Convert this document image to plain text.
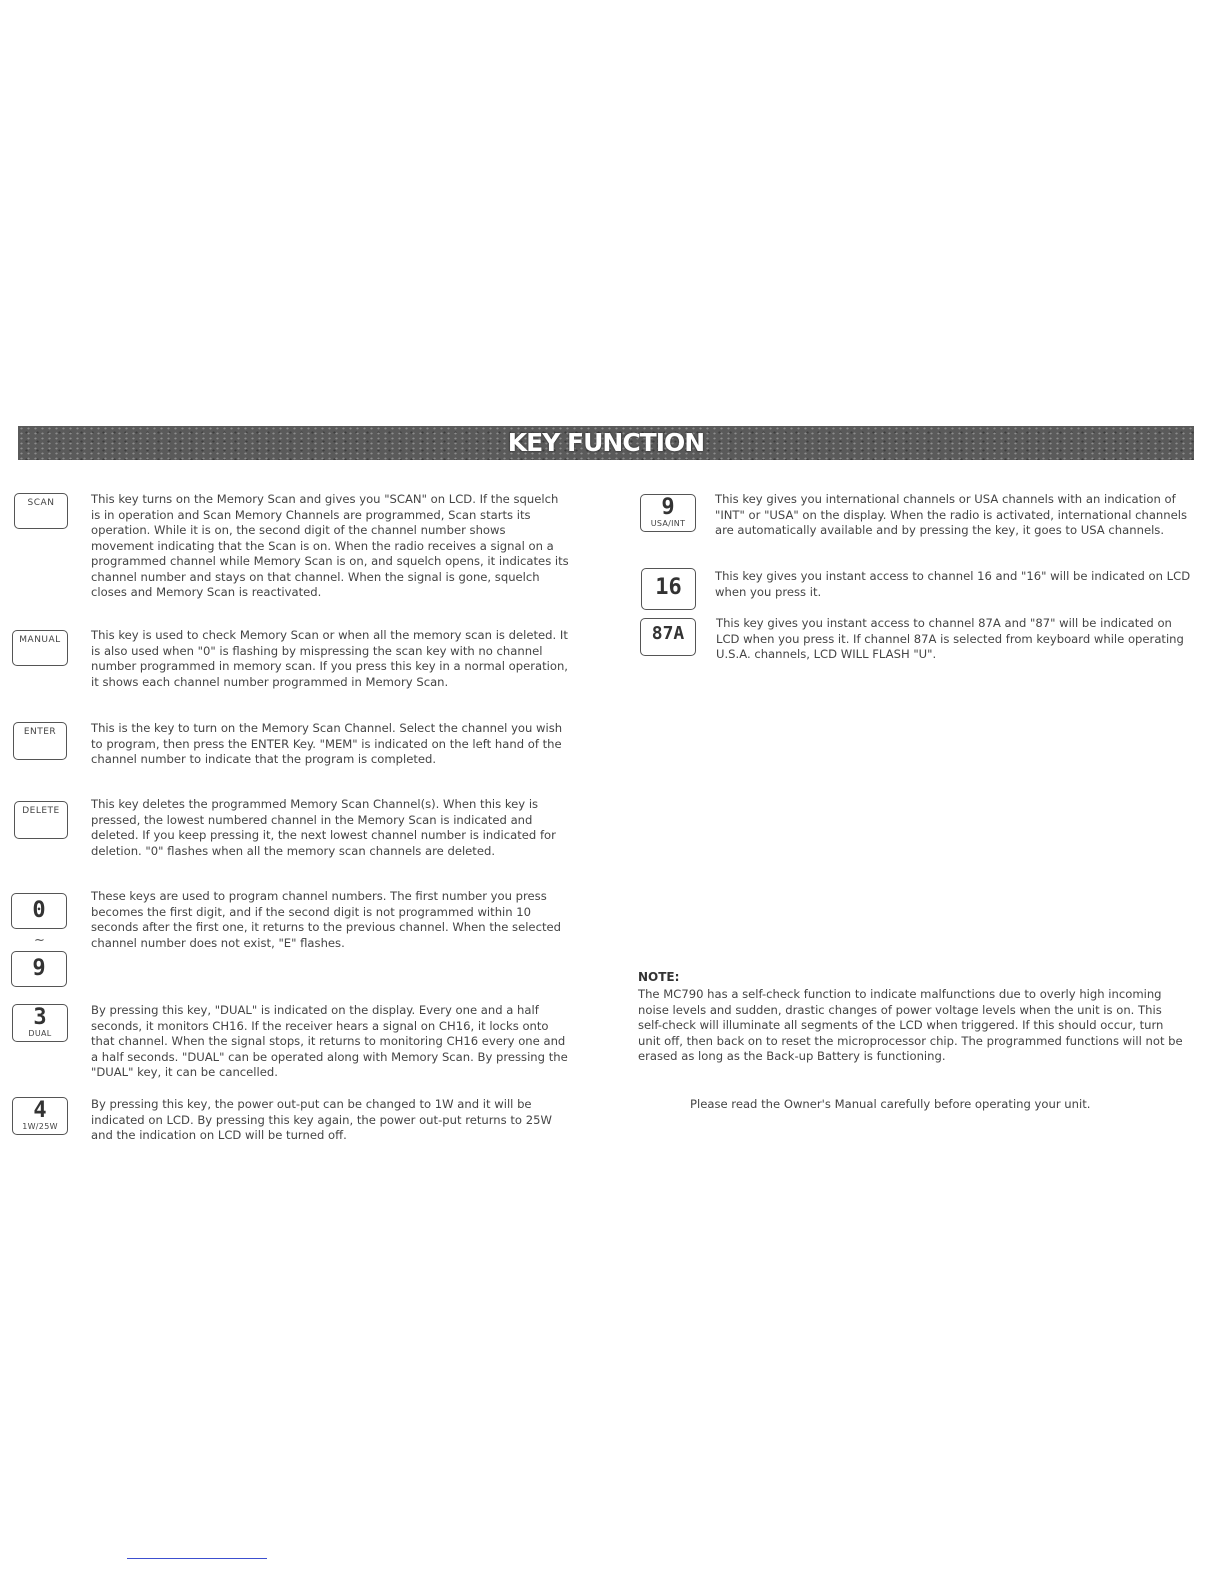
KEY FUNCTION
SCAN	This key turns on the Memory Scan and gives you "SCAN" on LCD. If the squelch is in operation and Scan Memory Channels are programmed, Scan starts its operation. While it is on, the second digit of the channel number shows movement indicating that the Scan is on. When the radio receives a signal on a programmed channel while Memory Scan is on, and squelch opens, it indicates its channel number and stays on that channel. When the signal is gone, squelch closes and Memory Scan is reactivated.

MANUAL	This key is used to check Memory Scan or when all the memory scan is deleted. It is also used when "0" is flashing by mispressing the scan key with no channel number programmed in memory scan. If you press this key in a normal operation, it shows each channel number programmed in Memory Scan.

ENTER	This is the key to turn on the Memory Scan Channel. Select the channel you wish to program, then press the ENTER Key. "MEM" is indicated on the left hand of the channel number to indicate that the program is completed.

DELETE	This key deletes the programmed Memory Scan Channel(s). When this key is pressed, the lowest numbered channel in the Memory Scan is indicated and deleted. If you keep pressing it, the next lowest channel number is indicated for deletion. "0" flashes when all the memory scan channels are deleted.

0
~
9

These keys are used to program channel numbers. The first number you press becomes the first digit, and if the second digit is not programmed within 10 seconds after the first one, it returns to the previous channel. When the selected channel number does not exist, "E" flashes.

3
DUAL

By pressing this key, "DUAL" is indicated on the display. Every one and a half seconds, it monitors CH16. If the receiver hears a signal on CH16, it locks onto that channel. When the signal stops, it returns to monitoring CH16 every one and a half seconds. "DUAL" can be operated along with Memory Scan. By pressing the "DUAL" key, it can be cancelled.

4
1W/25W

By pressing this key, the power out-put can be changed to 1W and it will be indicated on LCD. By pressing this key again, the power out-put returns to 25W and the indication on LCD will be turned off.

9
USA/INT

This key gives you international channels or USA channels with an indication of "INT" or "USA" on the display. When the radio is activated, international channels are automatically available and by pressing the key, it goes to USA channels.

16	This key gives you instant access to channel 16 and "16" will be indicated on LCD when you press it.

87A	This key gives you instant access to channel 87A and "87" will be indicated on LCD when you press it. If channel 87A is selected from keyboard while operating U.S.A. channels, LCD WILL FLASH "U".

NOTE:
The MC790 has a self-check function to indicate malfunctions due to overly high incoming noise levels and sudden, drastic changes of power voltage levels when the unit is on. This self-check will illuminate all segments of the LCD when triggered. If this should occur, turn unit off, then back on to reset the microprocessor chip. The programmed functions will not be erased as long as the Back-up Battery is functioning.
Please read the Owner's Manual carefully before operating your unit.
